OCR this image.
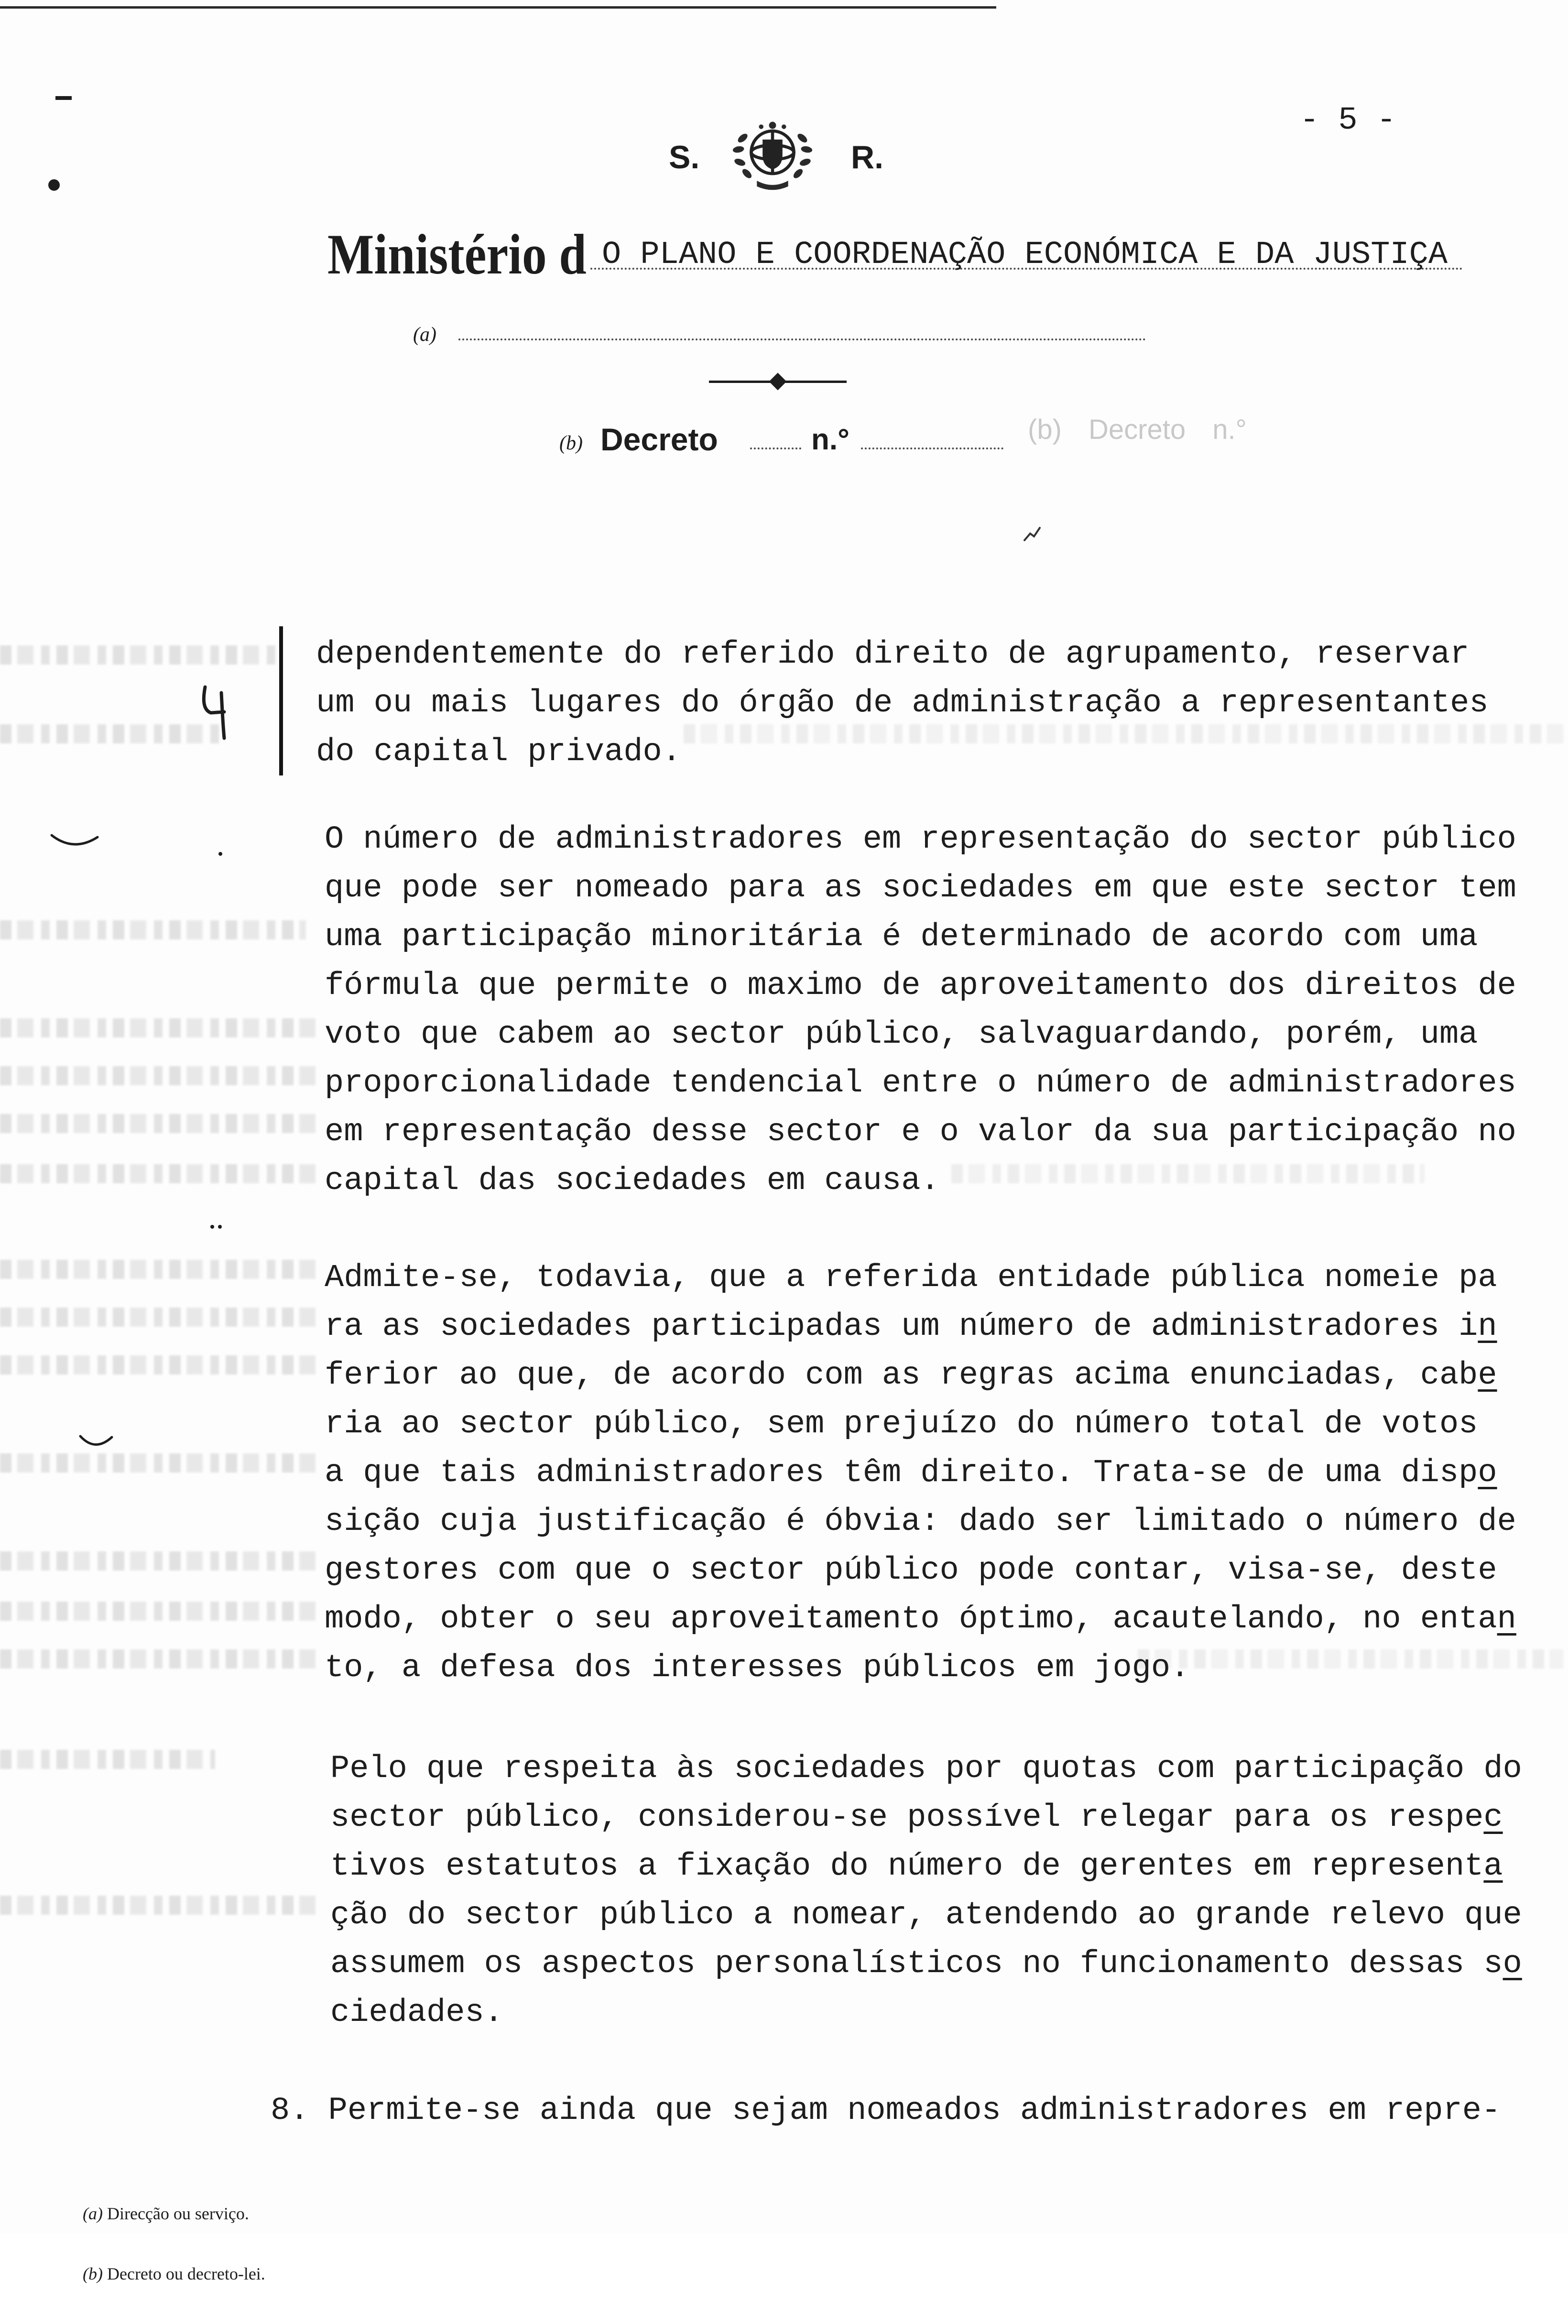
- 5 -
S.	R.
Ministério d O PLANO E COORDENAÇÃO ECONÓMICA E DA JUSTIÇA
(a)
(b) Decreto	n.°	(b) Decreto n.°
dependentemente do referido direito de agrupamento, reservar
um ou mais lugares do órgão de administração a representantes
do capital privado.
O número de administradores em representação do sector público
que pode ser nomeado para as sociedades em que este sector tem
uma participação minoritária é determinado de acordo com uma
fórmula que permite o maximo de aproveitamento dos direitos de
voto que cabem ao sector público, salvaguardando, porém, uma
proporcionalidade tendencial entre o número de administradores
em representação desse sector e o valor da sua participação no
capital das sociedades em causa.
Admite-se, todavia, que a referida entidade pública nomeie pa
ra as sociedades participadas um número de administradores in
ferior ao que, de acordo com as regras acima enunciadas, cabe
ria ao sector público, sem prejuízo do número total de votos
a que tais administradores têm direito. Trata-se de uma dispo
sição cuja justificação é óbvia: dado ser limitado o número de
gestores com que o sector público pode contar, visa-se, deste
modo, obter o seu aproveitamento óptimo, acautelando, no entan
to, a defesa dos interesses públicos em jogo.
Pelo que respeita às sociedades por quotas com participação do
sector público, considerou-se possível relegar para os respec
tivos estatutos a fixação do número de gerentes em representa
ção do sector público a nomear, atendendo ao grande relevo que
assumem os aspectos personalísticos no funcionamento dessas so
ciedades.
8. Permite-se ainda que sejam nomeados administradores em repre-

(a) Direcção ou serviço.

(b) Decreto ou decreto-lei.
